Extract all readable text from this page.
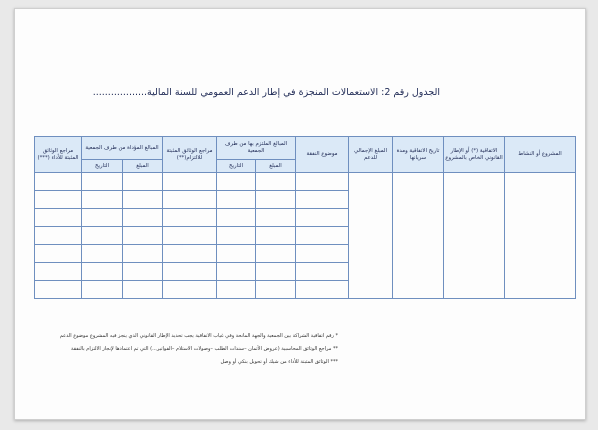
الجدول رقم 2: الاستعمالات المنجزة في إطار الدعم العمومي للسنة المالية..................
المشروع أو النشاط	الاتفاقية (*) أو الإطار القانوني الخاص بالمشروع	تاريخ الاتفاقية ومدة سريانها	المبلغ الإجمالي للدعم	موضوع النفقة	المبالغ الملتزم بها من طرف الجمعية		مراجع الوثائق المثبتة للالتزام(**)	المبالغ المؤداة من طرف الجمعية		مراجع الوثائق المثبتة للأداء (***)
					المبلغ	التاريخ		المبلغ	التاريخ	

* رقم اتفاقية الشراكة بين الجمعية والجهة المانحة وفي غياب الاتفاقية يجب تحديد الإطار القانوني الذي ينجز فيه المشروع موضوع الدعم
** مراجع الوثائق المحاسبية (عروض الأثمان –سندات الطلب –وصولات الاستلام –الفواتير...) التي تم اعتمادها لإنجاز الالتزام بالنفقة
*** الوثائق المثبتة للأداء من شيك أو تحويل بنكي أو وصل
